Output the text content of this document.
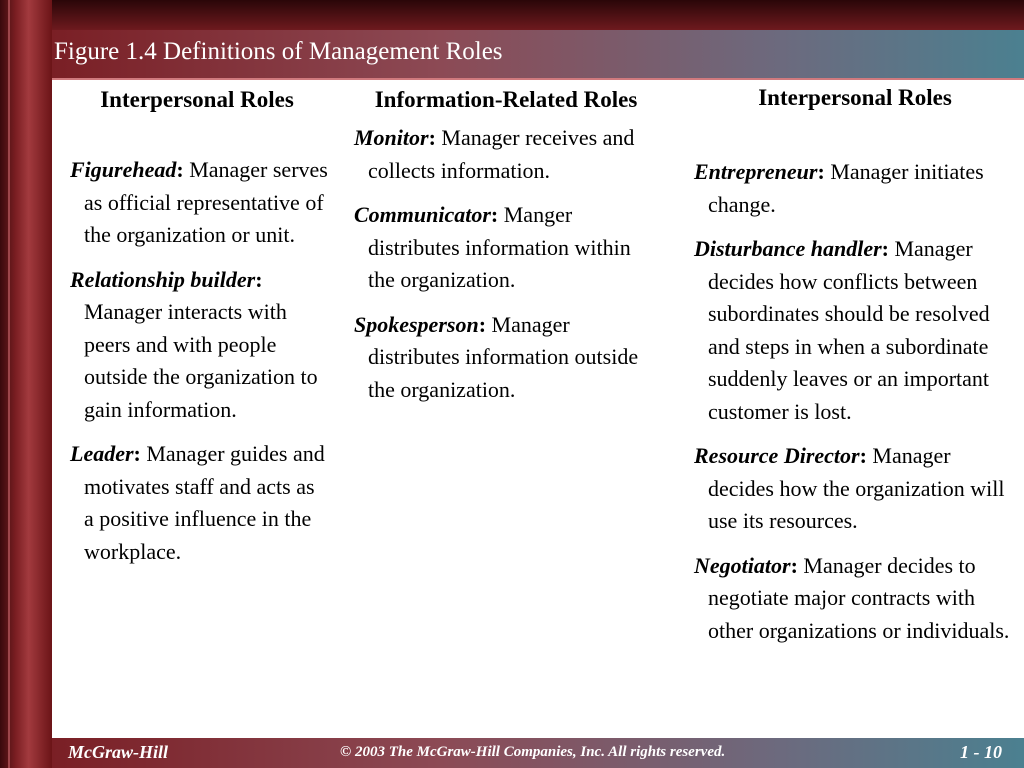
Figure 1.4 Definitions of Management Roles
Interpersonal Roles
Figurehead: Manager serves as official representative of the organization or unit.
Relationship builder: Manager interacts with peers and with people outside the organization to gain information.
Leader: Manager guides and motivates staff and acts as a positive influence in the workplace.
Information-Related Roles
Monitor: Manager receives and collects information.
Communicator: Manger distributes information within the organization.
Spokesperson: Manager distributes information outside the organization.
Interpersonal Roles
Entrepreneur: Manager initiates change.
Disturbance handler: Manager decides how conflicts between subordinates should be resolved and steps in when a subordinate suddenly leaves or an important customer is lost.
Resource Director: Manager decides how the organization will use its resources.
Negotiator: Manager decides to negotiate major contracts with other organizations or individuals.
McGraw-Hill	© 2003 The McGraw-Hill Companies, Inc. All rights reserved.	1 - 10
